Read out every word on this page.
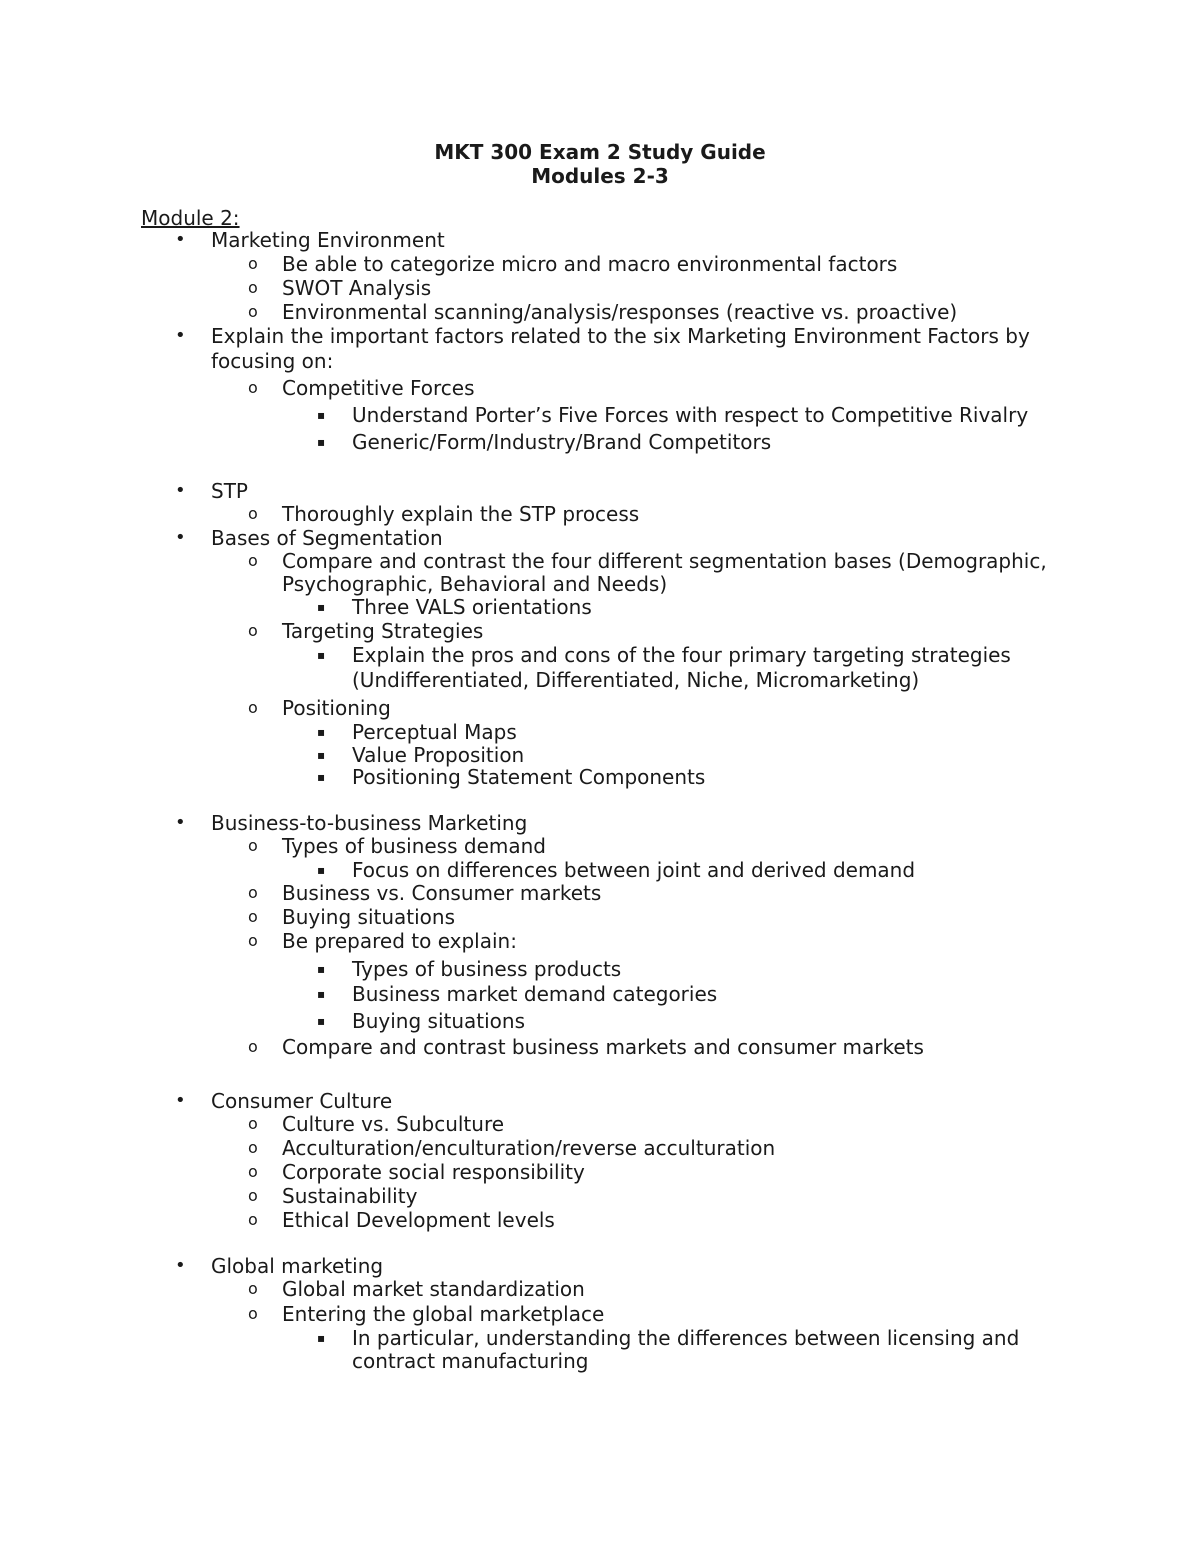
MKT 300 Exam 2 Study Guide
Modules 2-3
Module 2:
• Marketing Environment
o Be able to categorize micro and macro environmental factors
o SWOT Analysis
o Environmental scanning/analysis/responses (reactive vs. proactive)
• Explain the important factors related to the six Marketing Environment Factors by
focusing on:
o Competitive Forces
▪ Understand Porter’s Five Forces with respect to Competitive Rivalry
▪ Generic/Form/Industry/Brand Competitors
• STP
o Thoroughly explain the STP process
• Bases of Segmentation
o Compare and contrast the four different segmentation bases (Demographic,
Psychographic, Behavioral and Needs)
▪ Three VALS orientations
o Targeting Strategies
▪ Explain the pros and cons of the four primary targeting strategies
(Undifferentiated, Differentiated, Niche, Micromarketing)
o Positioning
▪ Perceptual Maps
▪ Value Proposition
▪ Positioning Statement Components
• Business-to-business Marketing
o Types of business demand
▪ Focus on differences between joint and derived demand
o Business vs. Consumer markets
o Buying situations
o Be prepared to explain:
▪ Types of business products
▪ Business market demand categories
▪ Buying situations
o Compare and contrast business markets and consumer markets
• Consumer Culture
o Culture vs. Subculture
o Acculturation/enculturation/reverse acculturation
o Corporate social responsibility
o Sustainability
o Ethical Development levels
• Global marketing
o Global market standardization
o Entering the global marketplace
▪ In particular, understanding the differences between licensing and
contract manufacturing
